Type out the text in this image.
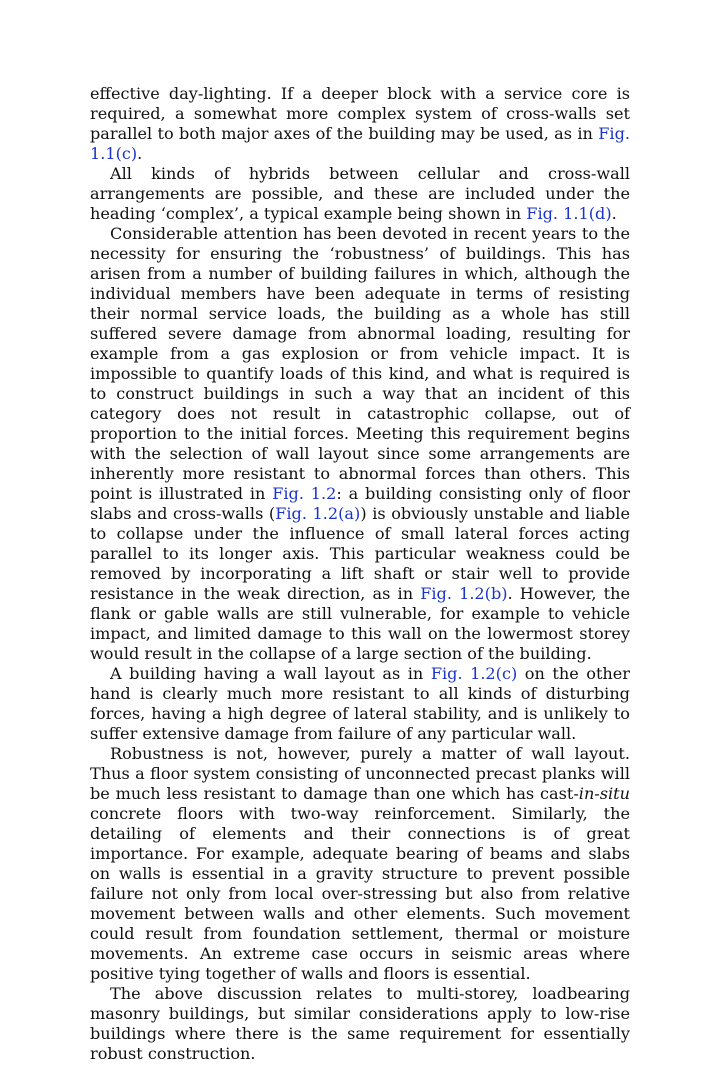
effective day-lighting. If a deeper block with a service core is required, a somewhat more complex system of cross-walls set parallel to both major axes of the building may be used, as in Fig. 1.1(c).

All kinds of hybrids between cellular and cross-wall arrangements are possible, and these are included under the heading ‘complex’, a typical example being shown in Fig. 1.1(d).

Considerable attention has been devoted in recent years to the necessity for ensuring the ‘robustness’ of buildings. This has arisen from a number of building failures in which, although the individual members have been adequate in terms of resisting their normal service loads, the building as a whole has still suffered severe damage from abnormal loading, resulting for example from a gas explosion or from vehicle impact. It is impossible to quantify loads of this kind, and what is required is to construct buildings in such a way that an incident of this category does not result in catastrophic collapse, out of proportion to the initial forces. Meeting this requirement begins with the selection of wall layout since some arrangements are inherently more resistant to abnormal forces than others. This point is illustrated in Fig. 1.2: a building consisting only of floor slabs and cross-walls (Fig. 1.2(a)) is obviously unstable and liable to collapse under the influence of small lateral forces acting parallel to its longer axis. This particular weakness could be removed by incorporating a lift shaft or stair well to provide resistance in the weak direction, as in Fig. 1.2(b). However, the flank or gable walls are still vulnerable, for example to vehicle impact, and limited damage to this wall on the lowermost storey would result in the collapse of a large section of the building.

A building having a wall layout as in Fig. 1.2(c) on the other hand is clearly much more resistant to all kinds of disturbing forces, having a high degree of lateral stability, and is unlikely to suffer extensive damage from failure of any particular wall.

Robustness is not, however, purely a matter of wall layout. Thus a floor system consisting of unconnected precast planks will be much less resistant to damage than one which has cast-in-situ concrete floors with two-way reinforcement. Similarly, the detailing of elements and their connections is of great importance. For example, adequate bearing of beams and slabs on walls is essential in a gravity structure to prevent possible failure not only from local over-stressing but also from relative movement between walls and other elements. Such movement could result from foundation settlement, thermal or moisture movements. An extreme case occurs in seismic areas where positive tying together of walls and floors is essential.

The above discussion relates to multi-storey, loadbearing masonry buildings, but similar considerations apply to low-rise buildings where there is the same requirement for essentially robust construction.
